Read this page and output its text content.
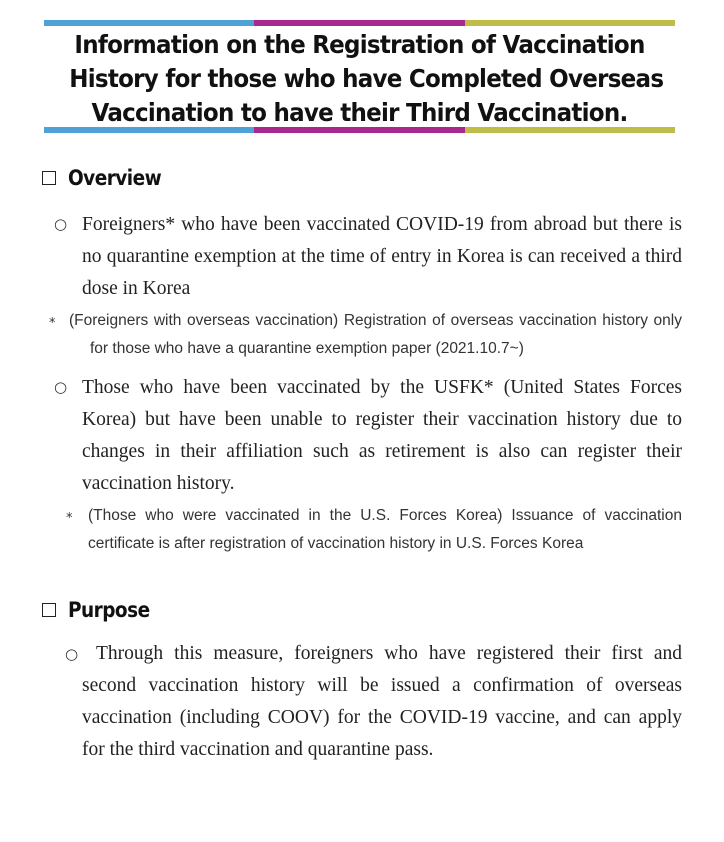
Information on the Registration of Vaccination
History for those who have Completed Overseas
Vaccination to have their Third Vaccination.
Overview
○ Foreigners* who have been vaccinated COVID-19 from abroad but there is no quarantine exemption at the time of entry in Korea is can received a third dose in Korea
* (Foreigners with overseas vaccination) Registration of overseas vaccination history only for those who have a quarantine exemption paper (2021.10.7~)
○ Those who have been vaccinated by the USFK* (United States Forces Korea) but have been unable to register their vaccination history due to changes in their affiliation such as retirement is also can register their vaccination history.
* (Those who were vaccinated in the U.S. Forces Korea) Issuance of vaccination certificate is after registration of vaccination history in U.S. Forces Korea
Purpose
○ Through this measure, foreigners who have registered their first and second vaccination history will be issued a confirmation of overseas vaccination (including COOV) for the COVID-19 vaccine, and can apply for the third vaccination and quarantine pass.
